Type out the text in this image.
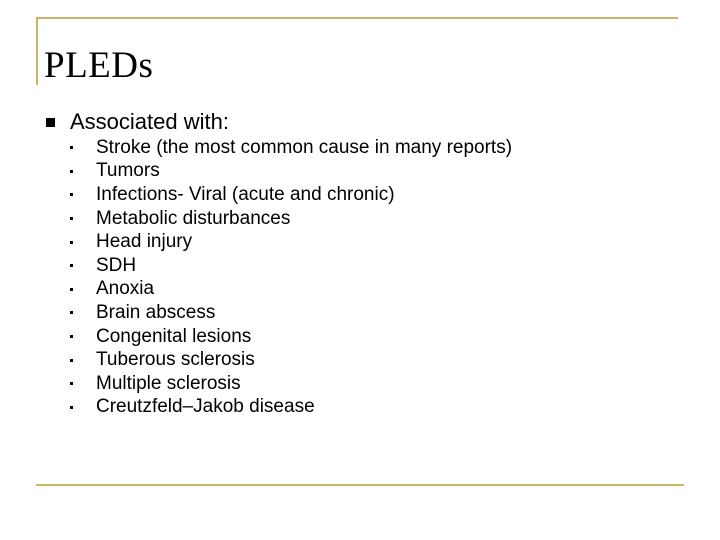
PLEDs
Associated with:
Stroke (the most common cause in many reports)
Tumors
Infections- Viral (acute and chronic)
Metabolic disturbances
Head injury
SDH
Anoxia
Brain abscess
Congenital lesions
Tuberous sclerosis
Multiple sclerosis
Creutzfeld–Jakob disease
